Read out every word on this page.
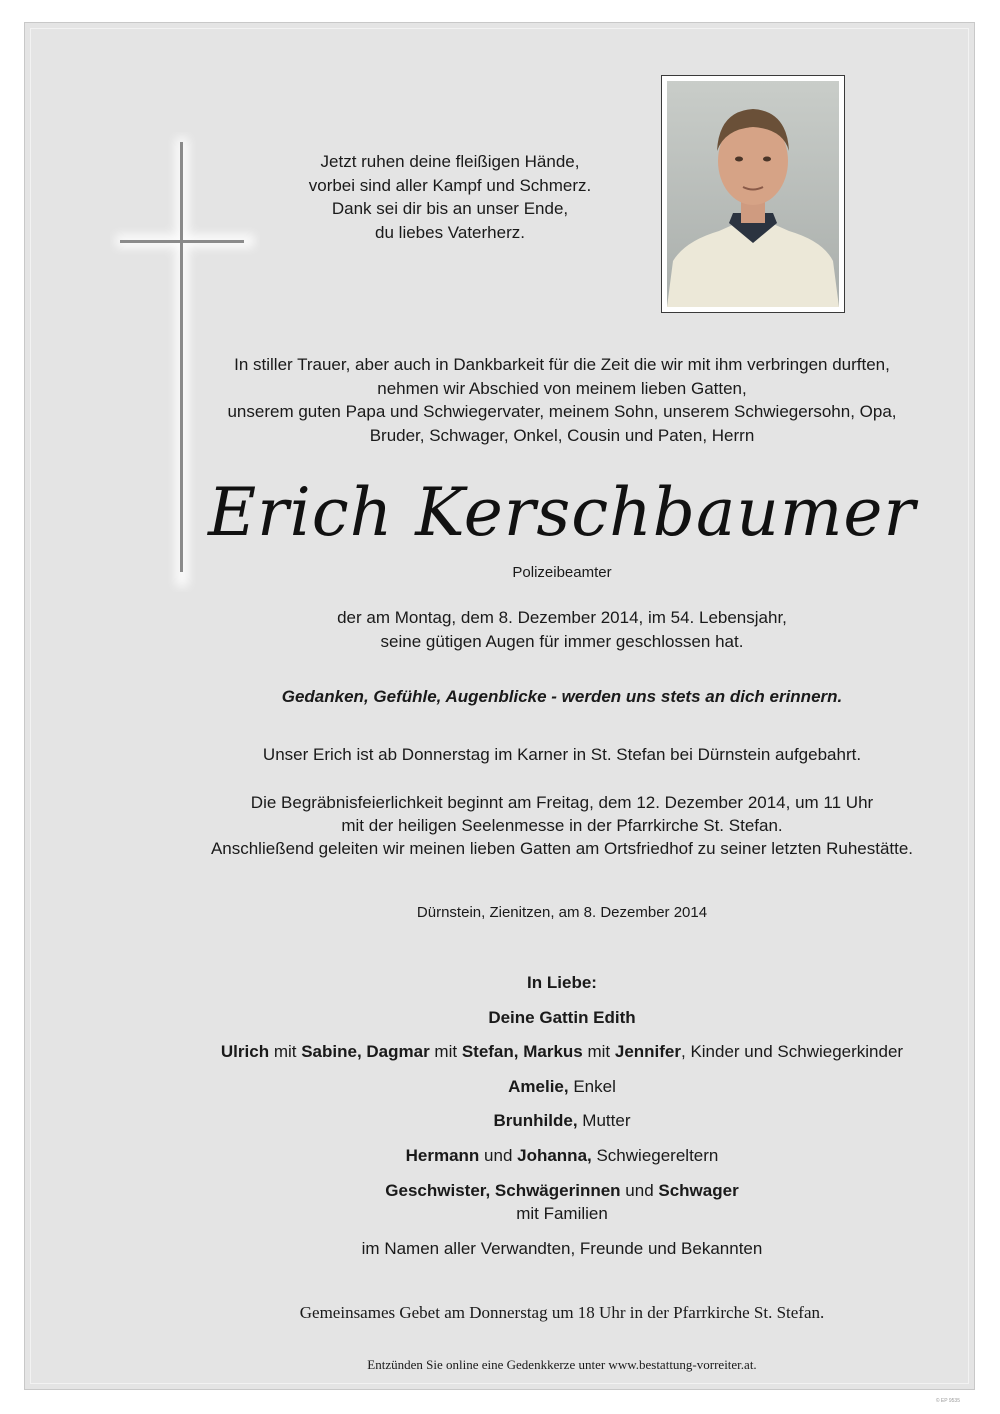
Jetzt ruhen deine fleißigen Hände,
vorbei sind aller Kampf und Schmerz.
Dank sei dir bis an unser Ende,
du liebes Vaterherz.
In stiller Trauer, aber auch in Dankbarkeit für die Zeit die wir mit ihm verbringen durften,
nehmen wir Abschied von meinem lieben Gatten,
unserem guten Papa und Schwiegervater, meinem Sohn, unserem Schwiegersohn, Opa,
Bruder, Schwager, Onkel, Cousin und Paten, Herrn
Erich Kerschbaumer
Polizeibeamter
der am Montag, dem 8. Dezember 2014, im 54. Lebensjahr,
seine gütigen Augen für immer geschlossen hat.
Gedanken, Gefühle, Augenblicke - werden uns stets an dich erinnern.
Unser Erich ist ab Donnerstag im Karner in St. Stefan bei Dürnstein aufgebahrt.
Die Begräbnisfeierlichkeit beginnt am Freitag, dem 12. Dezember 2014, um 11 Uhr
mit der heiligen Seelenmesse in der Pfarrkirche St. Stefan.
Anschließend geleiten wir meinen lieben Gatten am Ortsfriedhof zu seiner letzten Ruhestätte.
Dürnstein, Zienitzen, am 8. Dezember 2014
In Liebe:
Deine Gattin Edith
Ulrich mit Sabine, Dagmar mit Stefan, Markus mit Jennifer, Kinder und Schwiegerkinder
Amelie, Enkel
Brunhilde, Mutter
Hermann und Johanna, Schwiegereltern
Geschwister, Schwägerinnen und Schwager
mit Familien
im Namen aller Verwandten, Freunde und Bekannten
Gemeinsames Gebet am Donnerstag um 18 Uhr in der Pfarrkirche St. Stefan.
Entzünden Sie online eine Gedenkkerze unter www.bestattung-vorreiter.at.
© EP 9535
